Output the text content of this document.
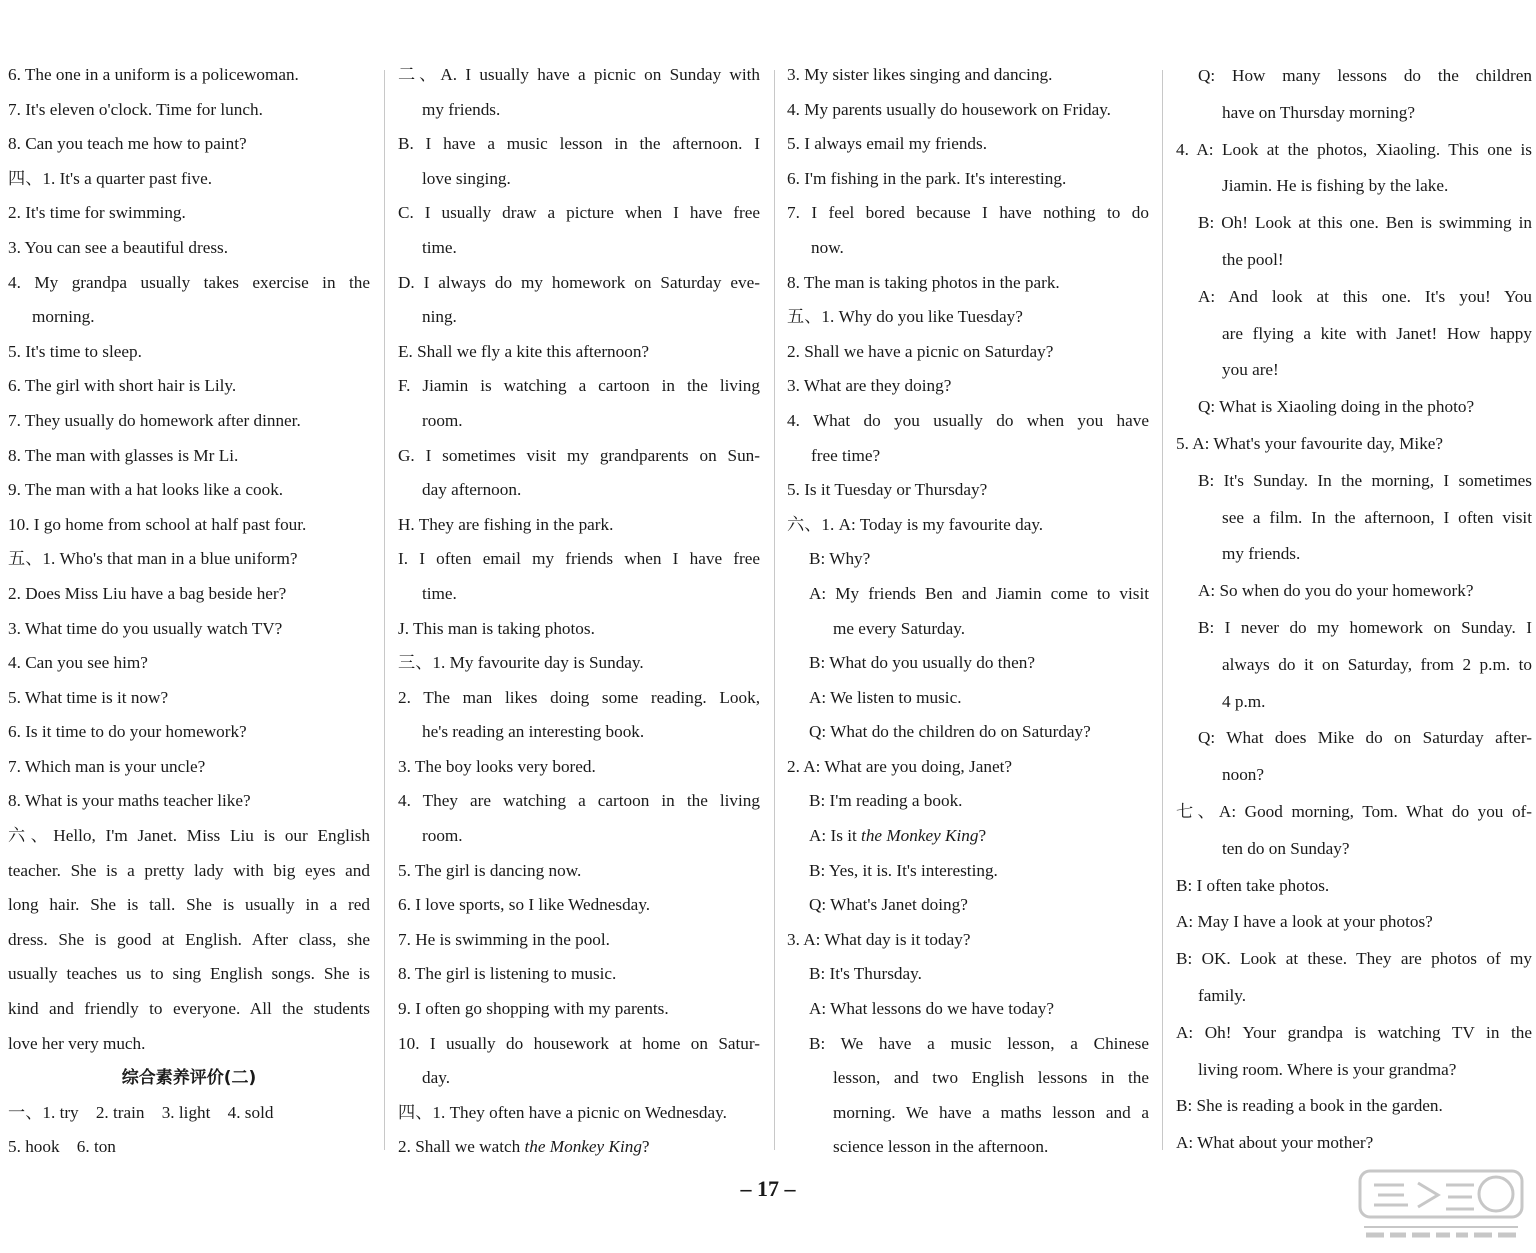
6. The one in a uniform is a policewoman.

7. It's eleven o'clock. Time for lunch.

8. Can you teach me how to paint?

四、1. It's a quarter past five.

2. It's time for swimming.

3. You can see a beautiful dress.

4. My grandpa usually takes exercise in the

morning.

5. It's time to sleep.

6. The girl with short hair is Lily.

7. They usually do homework after dinner.

8. The man with glasses is Mr Li.

9. The man with a hat looks like a cook.

10. I go home from school at half past four.

五、1. Who's that man in a blue uniform?

2. Does Miss Liu have a bag beside her?

3. What time do you usually watch TV?

4. Can you see him?

5. What time is it now?

6. Is it time to do your homework?

7. Which man is your uncle?

8. What is your maths teacher like?

六、Hello, I'm Janet. Miss Liu is our English

teacher. She is a pretty lady with big eyes and

long hair. She is tall. She is usually in a red

dress. She is good at English. After class, she

usually teaches us to sing English songs. She is

kind and friendly to everyone. All the students

love her very much.

综合素养评价(二)

一、1. try    2. train    3. light    4. sold

5. hook    6. ton

二、A. I usually have a picnic on Sunday with

my friends.

B. I have a music lesson in the afternoon. I

love singing.

C. I usually draw a picture when I have free

time.

D. I always do my homework on Saturday eve-

ning.

E. Shall we fly a kite this afternoon?

F. Jiamin is watching a cartoon in the living

room.

G. I sometimes visit my grandparents on Sun-

day afternoon.

H. They are fishing in the park.

I. I often email my friends when I have free

time.

J. This man is taking photos.

三、1. My favourite day is Sunday.

2. The man likes doing some reading. Look,

he's reading an interesting book.

3. The boy looks very bored.

4. They are watching a cartoon in the living

room.

5. The girl is dancing now.

6. I love sports, so I like Wednesday.

7. He is swimming in the pool.

8. The girl is listening to music.

9. I often go shopping with my parents.

10. I usually do housework at home on Satur-

day.

四、1. They often have a picnic on Wednesday.

2. Shall we watch the Monkey King?

3. My sister likes singing and dancing.

4. My parents usually do housework on Friday.

5. I always email my friends.

6. I'm fishing in the park. It's interesting.

7. I feel bored because I have nothing to do

now.

8. The man is taking photos in the park.

五、1. Why do you like Tuesday?

2. Shall we have a picnic on Saturday?

3. What are they doing?

4. What do you usually do when you have

free time?

5. Is it Tuesday or Thursday?

六、1. A: Today is my favourite day.

B: Why?

A: My friends Ben and Jiamin come to visit

me every Saturday.

B: What do you usually do then?

A: We listen to music.

Q: What do the children do on Saturday?

2. A: What are you doing, Janet?

B: I'm reading a book.

A: Is it the Monkey King?

B: Yes, it is. It's interesting.

Q: What's Janet doing?

3. A: What day is it today?

B: It's Thursday.

A: What lessons do we have today?

B: We have a music lesson, a Chinese

lesson, and two English lessons in the

morning. We have a maths lesson and a

science lesson in the afternoon.

Q: How many lessons do the children

have on Thursday morning?

4. A: Look at the photos, Xiaoling. This one is

Jiamin. He is fishing by the lake.

B: Oh! Look at this one. Ben is swimming in

the pool!

A: And look at this one. It's you! You

are flying a kite with Janet! How happy

you are!

Q: What is Xiaoling doing in the photo?

5. A: What's your favourite day, Mike?

B: It's Sunday. In the morning, I sometimes

see a film. In the afternoon, I often visit

my friends.

A: So when do you do your homework?

B: I never do my homework on Sunday. I

always do it on Saturday, from 2 p.m. to

4 p.m.

Q: What does Mike do on Saturday after-

noon?

七、A: Good morning, Tom. What do you of-

ten do on Sunday?

B: I often take photos.

A: May I have a look at your photos?

B: OK. Look at these. They are photos of my

family.

A: Oh! Your grandpa is watching TV in the

living room. Where is your grandma?

B: She is reading a book in the garden.

A: What about your mother?

– 17 –
